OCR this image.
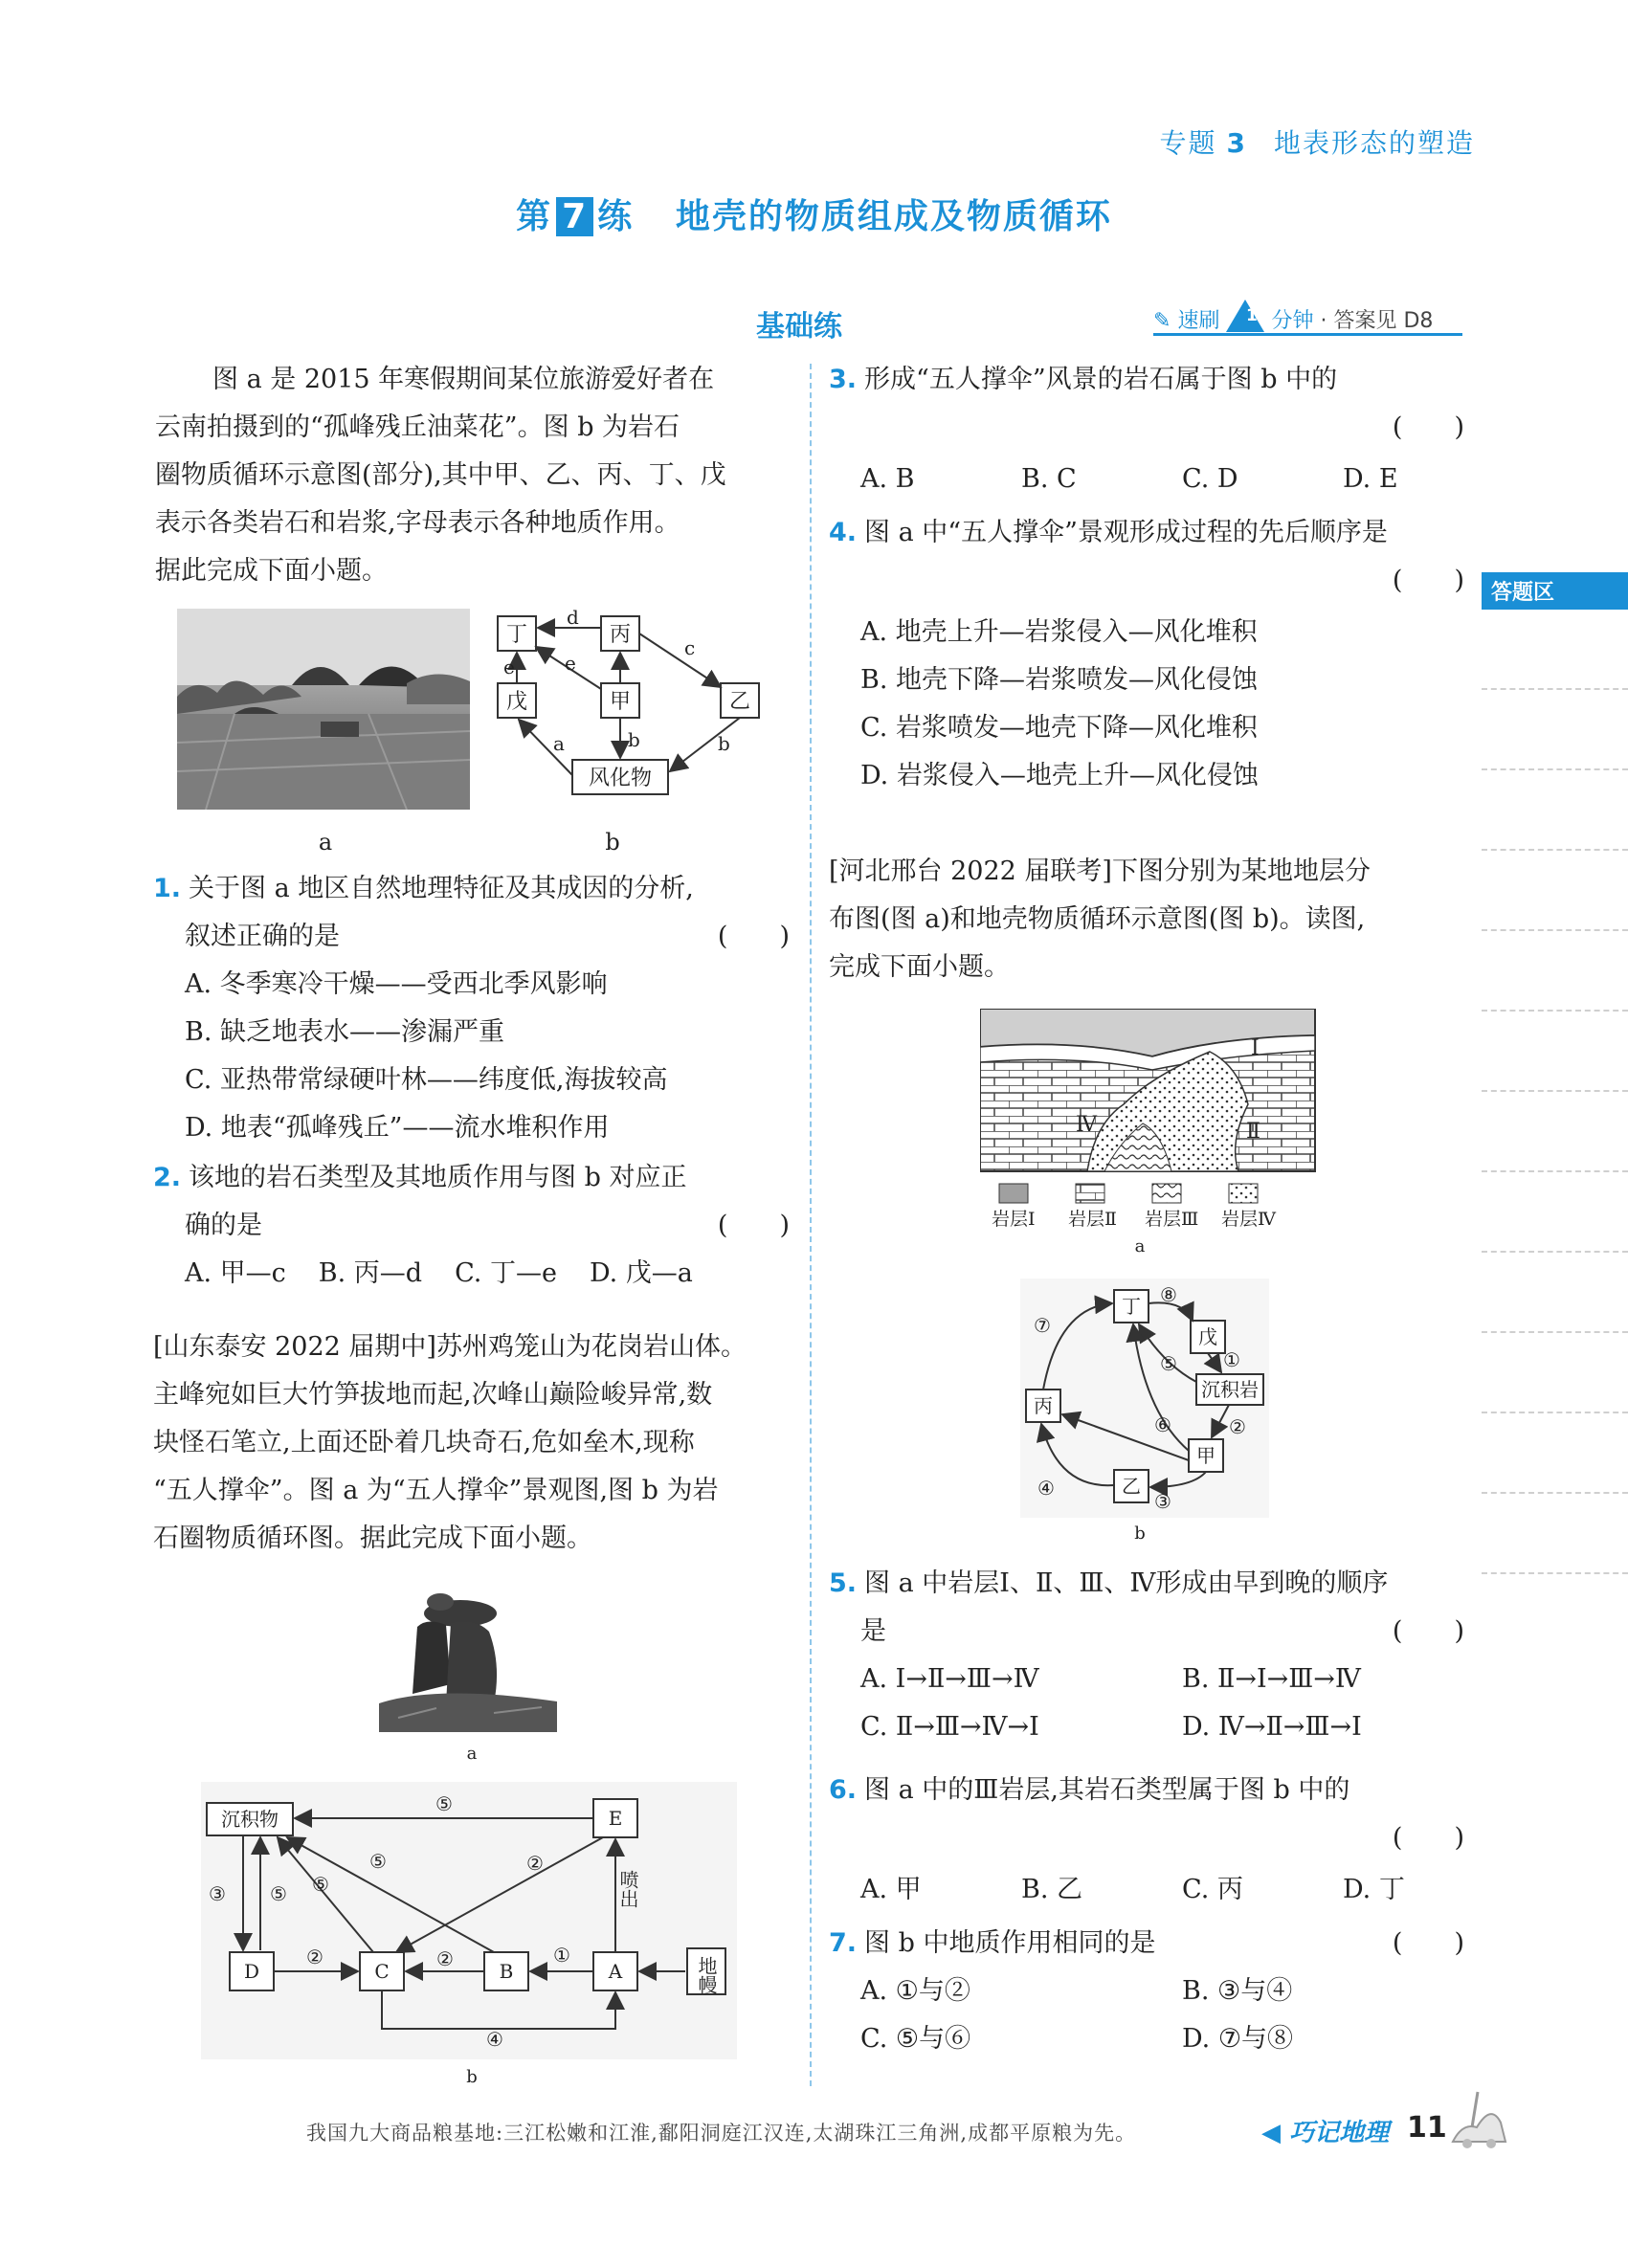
专题 3 地表形态的塑造
第 7 练 地壳的物质组成及物质循环
基础练	✎ 速刷 10 分钟 · 答案见 D8
答题区
图 a 是 2015 年寒假期间某位旅游爱好者在
云南拍摄到的“孤峰残丘油菜花”。图 b 为岩石
圈物质循环示意图(部分),其中甲、乙、丙、丁、戊
表示各类岩石和岩浆,字母表示各种地质作用。
据此完成下面小题。
a
d
c
e	e
a	b	b
丁	丙
戊	甲	乙
风化物
b
1. 关于图 a 地区自然地理特征及其成因的分析,
叙述正确的是	(　　)
A. 冬季寒冷干燥——受西北季风影响
B. 缺乏地表水——渗漏严重
C. 亚热带常绿硬叶林——纬度低,海拔较高
D. 地表“孤峰残丘”——流水堆积作用
2. 该地的岩石类型及其地质作用与图 b 对应正
确的是	(　　)
A. 甲—c B. 丙—d C. 丁—e D. 戊—a
[山东泰安 2022 届期中]苏州鸡笼山为花岗岩山体。
主峰宛如巨大竹笋拔地而起,次峰山巅险峻异常,数
块怪石笔立,上面还卧着几块奇石,危如垒木,现称
“五人撑伞”。图 a 为“五人撑伞”景观图,图 b 为岩
石圈物质循环图。据此完成下面小题。
a
⑤
③ ⑤ ⑤
⑤	②
②	②	①
④
喷出
沉积物	E
D	C	B	A	地幔
b
3. 形成“五人撑伞”风景的岩石属于图 b 中的
(　　)
A. B	B. C	C. D	D. E
4. 图 a 中“五人撑伞”景观形成过程的先后顺序是
(　　)
A. 地壳上升—岩浆侵入—风化堆积
B. 地壳下降—岩浆喷发—风化侵蚀
C. 岩浆喷发—地壳下降—风化堆积
D. 岩浆侵入—地壳上升—风化侵蚀
[河北邢台 2022 届联考]下图分别为某地地层分
布图(图 a)和地壳物质循环示意图(图 b)。读图,
完成下面小题。
Ⅰ
Ⅱ
Ⅳ
岩层Ⅰ 岩层Ⅱ 岩层Ⅲ 岩层Ⅳ
a
⑦
⑧
⑤ ①
⑥	②
④
③
丁
戊
沉积岩
丙
甲
乙
b
5. 图 a 中岩层Ⅰ、Ⅱ、Ⅲ、Ⅳ形成由早到晚的顺序
是	(　　)
A. Ⅰ→Ⅱ→Ⅲ→Ⅳ	B. Ⅱ→Ⅰ→Ⅲ→Ⅳ
C. Ⅱ→Ⅲ→Ⅳ→Ⅰ	D. Ⅳ→Ⅱ→Ⅲ→Ⅰ
6. 图 a 中的Ⅲ岩层,其岩石类型属于图 b 中的
(　　)
A. 甲	B. 乙	C. 丙	D. 丁
7. 图 b 中地质作用相同的是	(　　)
A. ①与②	B. ③与④
C. ⑤与⑥	D. ⑦与⑧
我国九大商品粮基地:三江松嫩和江淮,鄱阳洞庭江汉连,太湖珠江三角洲,成都平原粮为先。	◀ 巧记地理 11
